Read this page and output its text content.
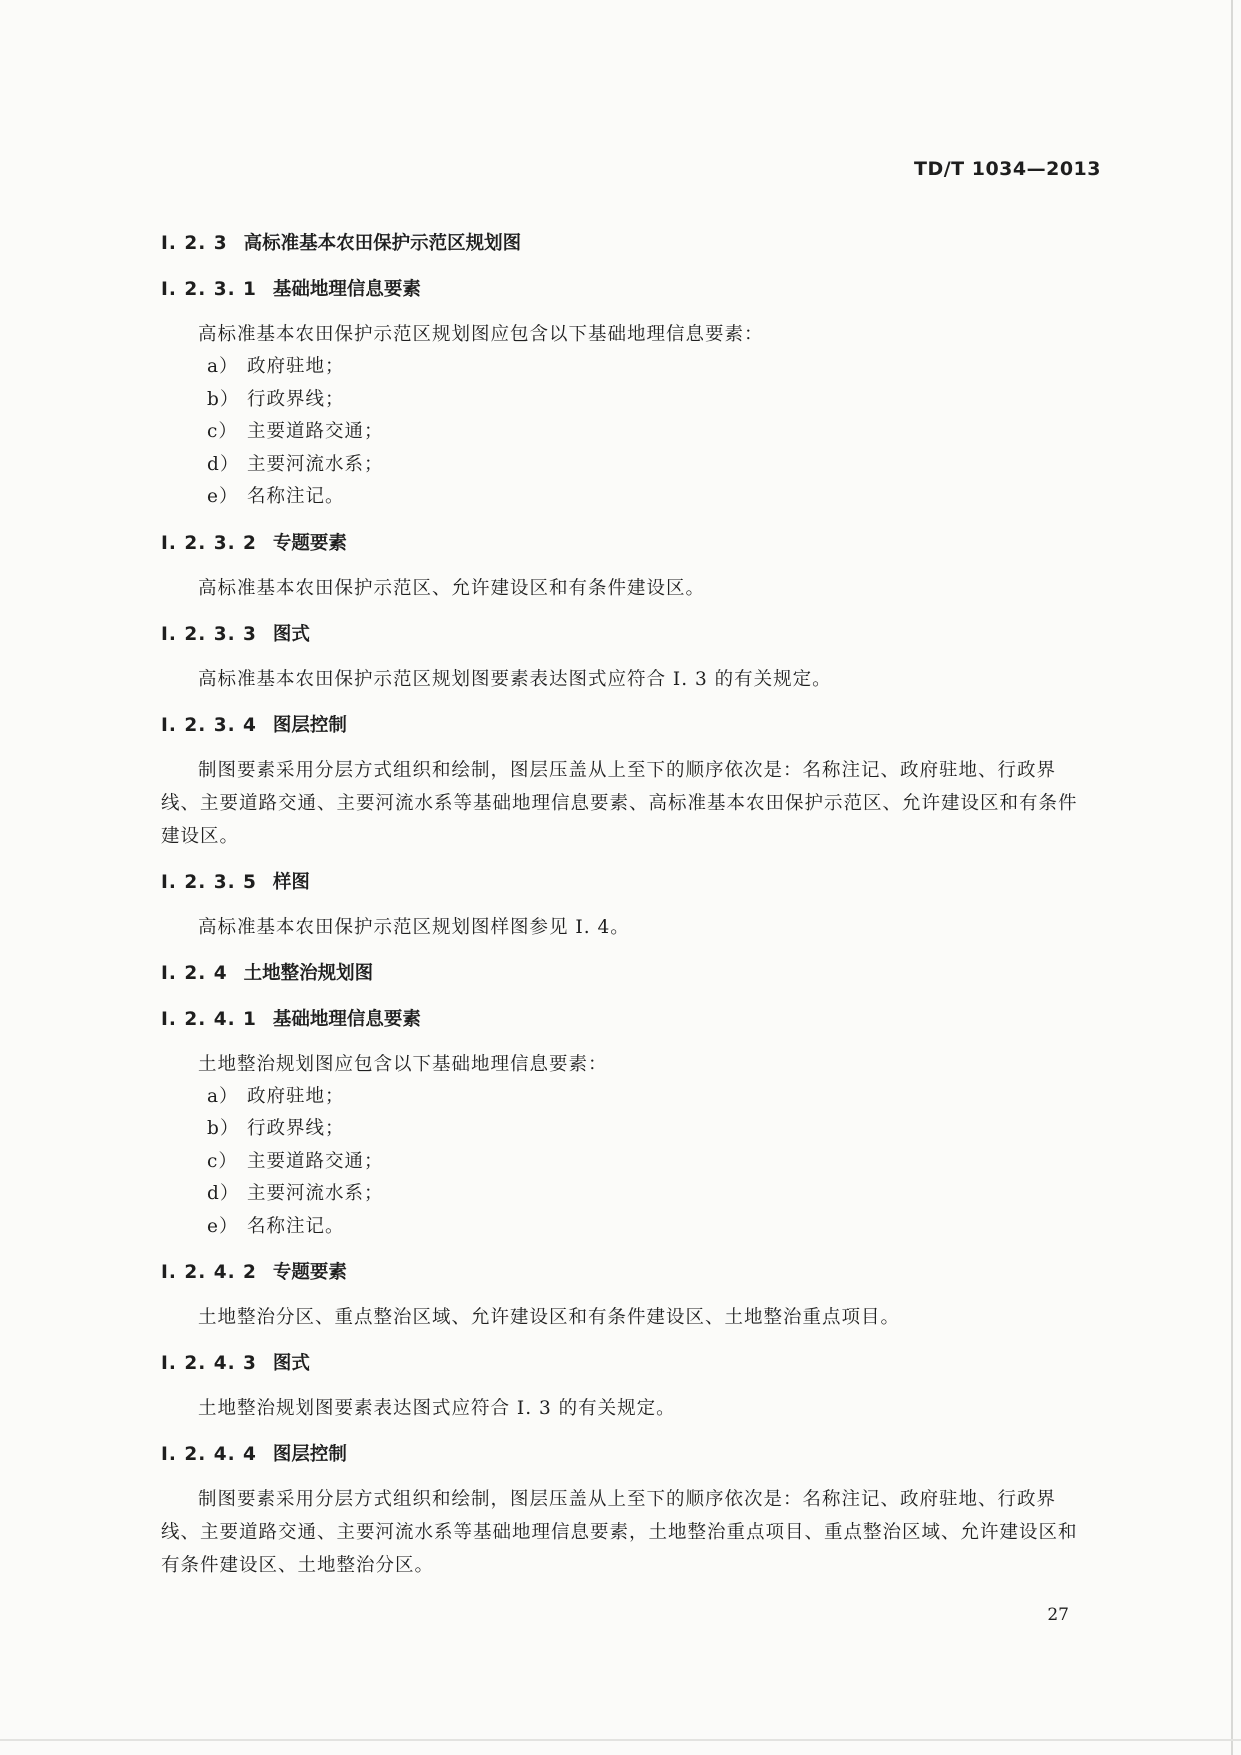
TD/T 1034—2013

I. 2. 3 高标准基本农田保护示范区规划图

I. 2. 3. 1 基础地理信息要素

高标准基本农田保护示范区规划图应包含以下基础地理信息要素：

a） 政府驻地；

b） 行政界线；

c） 主要道路交通；

d） 主要河流水系；

e） 名称注记。

I. 2. 3. 2 专题要素

高标准基本农田保护示范区、允许建设区和有条件建设区。

I. 2. 3. 3 图式

高标准基本农田保护示范区规划图要素表达图式应符合 I. 3 的有关规定。

I. 2. 3. 4 图层控制

制图要素采用分层方式组织和绘制，图层压盖从上至下的顺序依次是：名称注记、政府驻地、行政界线、主要道路交通、主要河流水系等基础地理信息要素、高标准基本农田保护示范区、允许建设区和有条件建设区。

I. 2. 3. 5 样图

高标准基本农田保护示范区规划图样图参见 I. 4。

I. 2. 4 土地整治规划图

I. 2. 4. 1 基础地理信息要素

土地整治规划图应包含以下基础地理信息要素：

a） 政府驻地；

b） 行政界线；

c） 主要道路交通；

d） 主要河流水系；

e） 名称注记。

I. 2. 4. 2 专题要素

土地整治分区、重点整治区域、允许建设区和有条件建设区、土地整治重点项目。

I. 2. 4. 3 图式

土地整治规划图要素表达图式应符合 I. 3 的有关规定。

I. 2. 4. 4 图层控制

制图要素采用分层方式组织和绘制，图层压盖从上至下的顺序依次是：名称注记、政府驻地、行政界线、主要道路交通、主要河流水系等基础地理信息要素，土地整治重点项目、重点整治区域、允许建设区和有条件建设区、土地整治分区。

27
